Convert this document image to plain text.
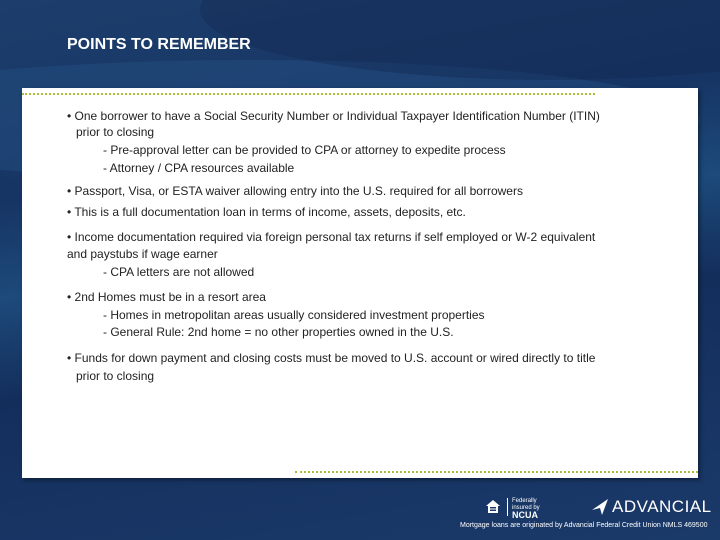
POINTS TO REMEMBER
• One borrower to have a Social Security Number or Individual Taxpayer Identification Number (ITIN)
prior to closing
- Pre-approval letter can be provided to CPA or attorney to expedite process
- Attorney / CPA resources available
• Passport, Visa, or ESTA waiver allowing entry into the U.S. required for all borrowers
• This is a full documentation loan in terms of income, assets, deposits, etc.
• Income documentation required via foreign personal tax returns if self employed or W-2 equivalent
and paystubs if wage earner
- CPA letters are not allowed
• 2nd Homes must be in a resort area
- Homes in metropolitan areas usually considered investment properties
- General Rule: 2nd home = no other properties owned in the U.S.
• Funds for down payment and closing costs must be moved to U.S. account or wired directly to title
prior to closing
Federally
insured by
NCUA	ADVANCIAL
Mortgage loans are originated by Advancial Federal Credit Union NMLS 469500
